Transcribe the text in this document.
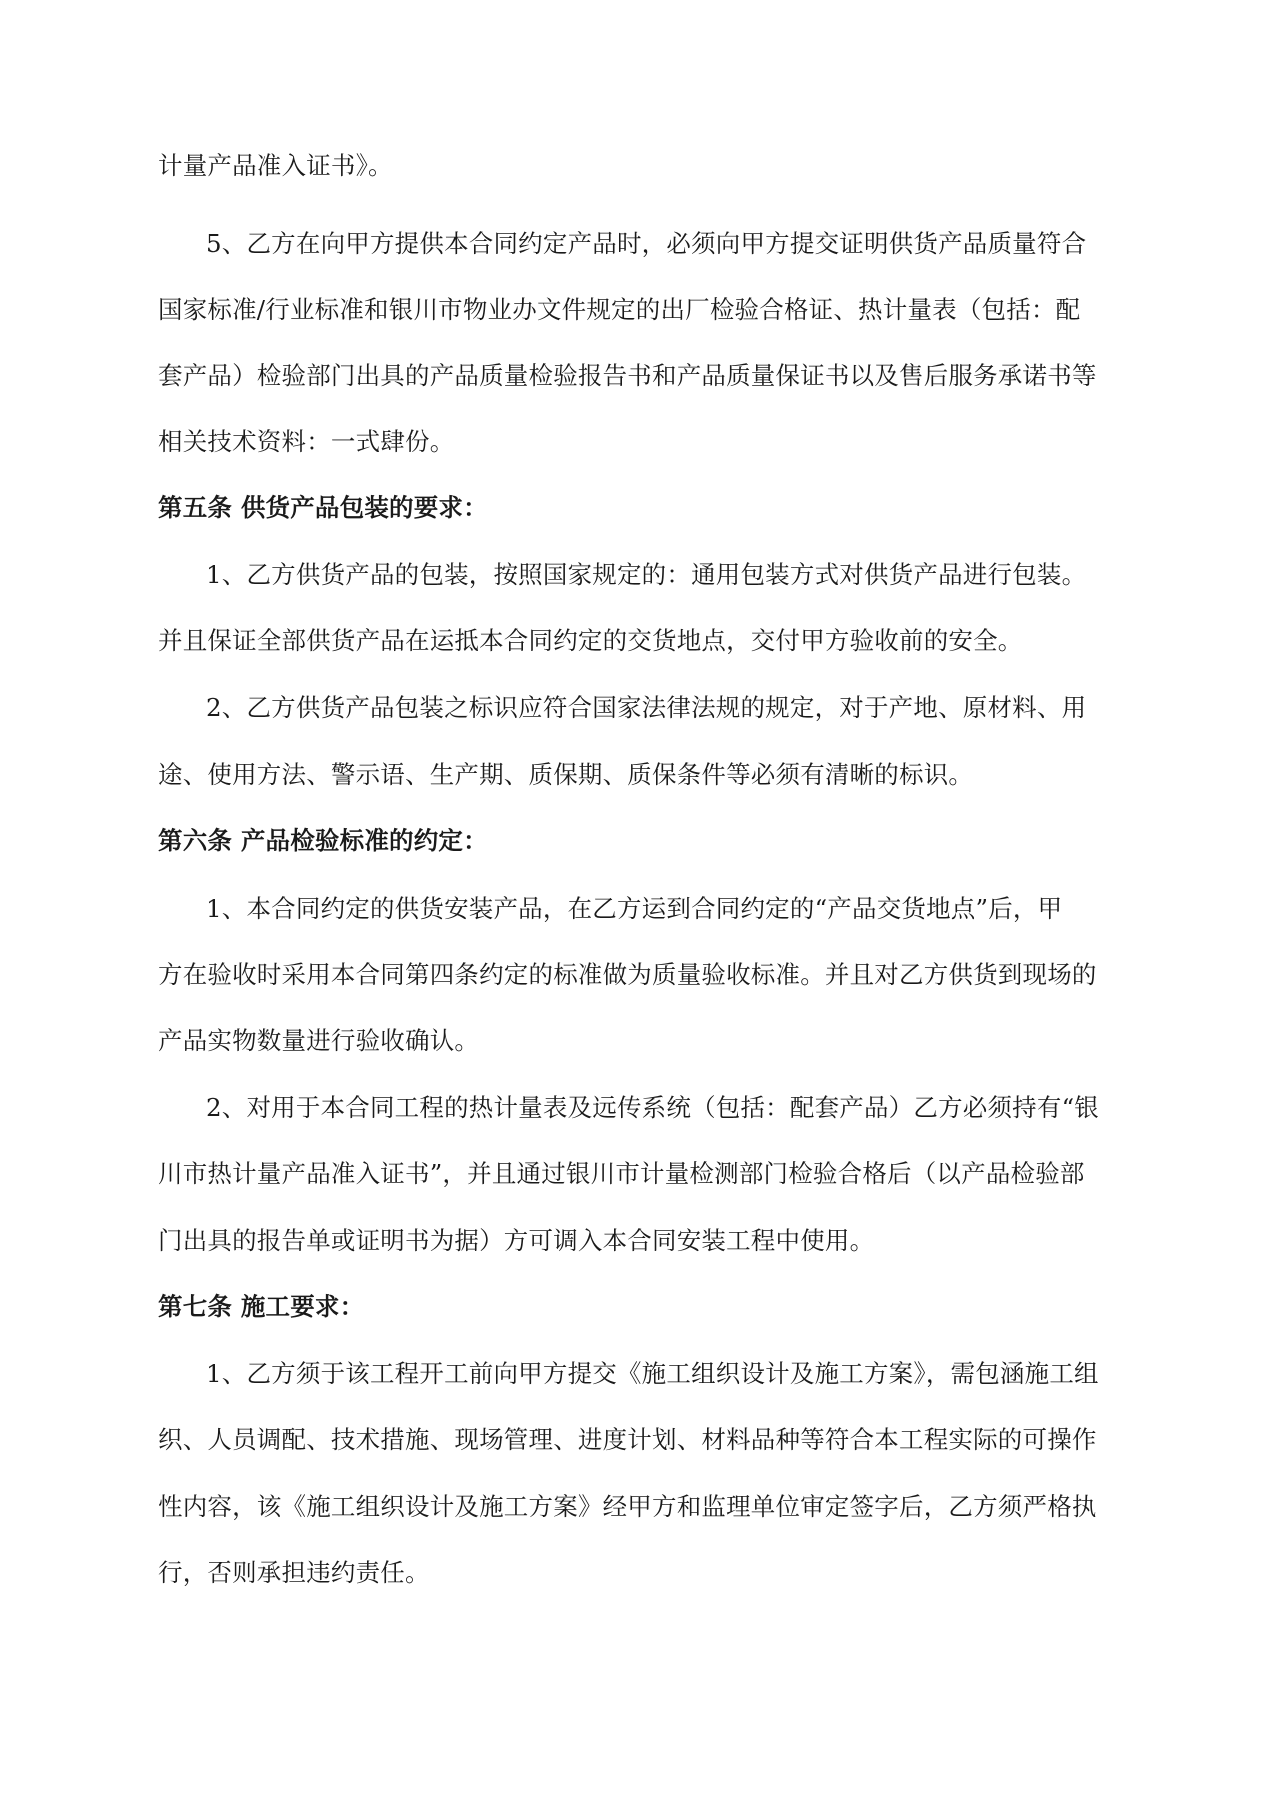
计量产品准入证书》。
5、乙方在向甲方提供本合同约定产品时，必须向甲方提交证明供货产品质量符合
国家标准/行业标准和银川市物业办文件规定的出厂检验合格证、热计量表（包括：配
套产品）检验部门出具的产品质量检验报告书和产品质量保证书以及售后服务承诺书等
相关技术资料：一式肆份。
第五条 供货产品包装的要求：
1、乙方供货产品的包装，按照国家规定的：通用包装方式对供货产品进行包装。
并且保证全部供货产品在运抵本合同约定的交货地点，交付甲方验收前的安全。
2、乙方供货产品包装之标识应符合国家法律法规的规定，对于产地、原材料、用
途、使用方法、警示语、生产期、质保期、质保条件等必须有清晰的标识。
第六条 产品检验标准的约定：
1、本合同约定的供货安装产品，在乙方运到合同约定的“产品交货地点”后，甲
方在验收时采用本合同第四条约定的标准做为质量验收标准。并且对乙方供货到现场的
产品实物数量进行验收确认。
2、对用于本合同工程的热计量表及远传系统（包括：配套产品）乙方必须持有“银
川市热计量产品准入证书”，并且通过银川市计量检测部门检验合格后（以产品检验部
门出具的报告单或证明书为据）方可调入本合同安装工程中使用。
第七条 施工要求：
1、乙方须于该工程开工前向甲方提交《施工组织设计及施工方案》，需包涵施工组
织、人员调配、技术措施、现场管理、进度计划、材料品种等符合本工程实际的可操作
性内容，该《施工组织设计及施工方案》经甲方和监理单位审定签字后，乙方须严格执
行，否则承担违约责任。
